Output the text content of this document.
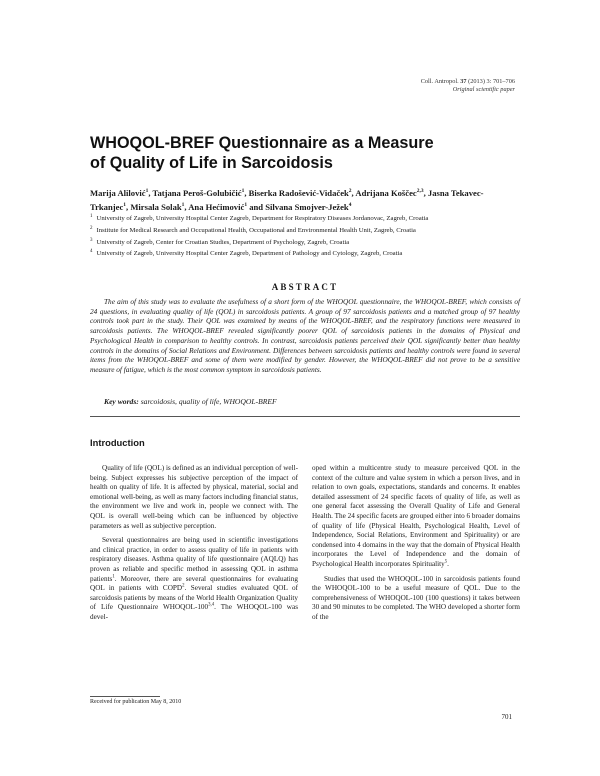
Coll. Antropol. 37 (2013) 3: 701–706
Original scientific paper
WHOQOL-BREF Questionnaire as a Measure
of Quality of Life in Sarcoidosis
Marija Alilović$^1$, Tatjana Peroš-Golubičić$^1$, Biserka Radošević-Vidaček$^2$, Adrijana Koščec$^{2,3}$, Jasna Tekavec-Trkanjec$^1$, Mirsala Solak$^1$, Ana Hećimović$^1$ and Silvana Smojver-Ježek$^4$
$^1$ University of Zagreb, University Hospital Center Zagreb, Department for Respiratory Diseases Jordanovac, Zagreb, Croatia
$^2$ Institute for Medical Research and Occupational Health, Occupational and Environmental Health Unit, Zagreb, Croatia
$^3$ University of Zagreb, Center for Croatian Studies, Department of Psychology, Zagreb, Croatia
$^4$ University of Zagreb, University Hospital Center Zagreb, Department of Pathology and Cytology, Zagreb, Croatia
ABSTRACT
The aim of this study was to evaluate the usefulness of a short form of the WHOQOL questionnaire, the WHOQOL-BREF, which consists of 24 questions, in evaluating quality of life (QOL) in sarcoidosis patients. A group of 97 sarcoidosis patients and a matched group of 97 healthy controls took part in the study. Their QOL was examined by means of the WHOQOL-BREF, and the respiratory functions were measured in sarcoidosis patients. The WHOQOL-BREF revealed significantly poorer QOL of sarcoidosis patients in the domains of Physical and Psychological Health in comparison to healthy controls. In contrast, sarcoidosis patients perceived their QOL significantly better than healthy controls in the domains of Social Relations and Environment. Differences between sarcoidosis patients and healthy controls were found in several items from the WHOQOL-BREF and some of them were modified by gender. However, the WHOQOL-BREF did not prove to be a sensitive measure of fatigue, which is the most common symptom in sarcoidosis patients.
Key words: sarcoidosis, quality of life, WHOQOL-BREF
Introduction

Quality of life (QOL) is defined as an individual perception of well-being. Subject expresses his subjective perception of the impact of health on quality of life. It is affected by physical, material, social and emotional well-being, as well as many factors including financial status, the environment we live and work in, people we connect with. The QOL is overall well-being which can be influenced by objective parameters as well as subjective perception.

Several questionnaires are being used in scientific investigations and clinical practice, in order to assess quality of life in patients with respiratory diseases. Asthma quality of life questionnaire (AQLQ) has proven as reliable and specific method in assessing QOL in asthma patients$^1$. Moreover, there are several questionnaires for evaluating QOL in patients with COPD$^2$. Several studies evaluated QOL of sarcoidosis patients by means of the World Health Organization Quality of Life Questionnaire WHOQOL-100$^{3,4}$. The WHOQOL-100 was devel-

oped within a multicentre study to measure perceived QOL in the context of the culture and value system in which a person lives, and in relation to own goals, expectations, standards and concerns. It enables detailed assessment of 24 specific facets of quality of life, as well as one general facet assessing the Overall Quality of Life and General Health. The 24 specific facets are grouped either into 6 broader domains of quality of life (Physical Health, Psychological Health, Level of Independence, Social Relations, Environment and Spirituality) or are condensed into 4 domains in the way that the domain of Physical Health incorporates the Level of Independence and the domain of Psychological Health incorporates Spirituality$^5$.

Studies that used the WHOQOL-100 in sarcoidosis patients found the WHOQOL-100 to be a useful measure of QOL. Due to the comprehensiveness of WHOQOL-100 (100 questions) it takes between 30 and 90 minutes to be completed. The WHO developed a shorter form of the

Received for publication May 8, 2010
701
